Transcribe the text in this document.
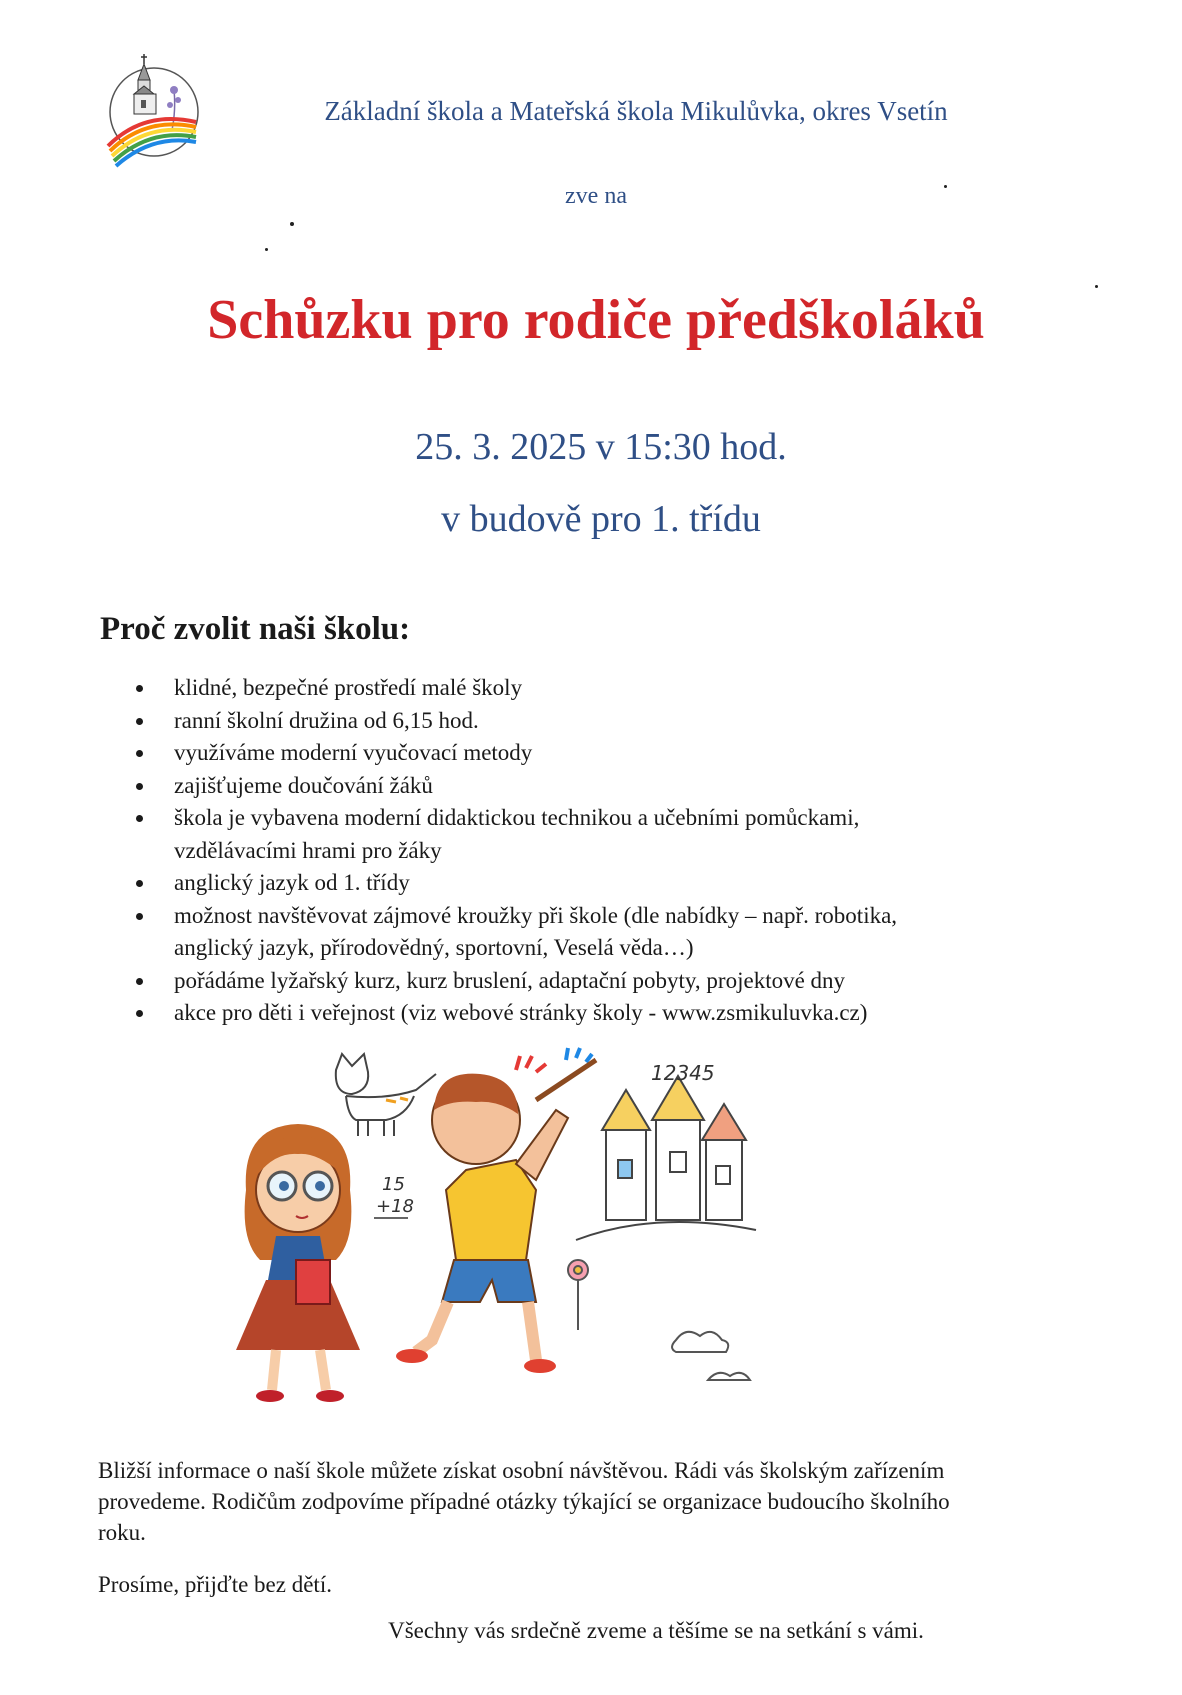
Základní škola a Mateřská škola Mikulůvka, okres Vsetín
zve na
Schůzku pro rodiče předškoláků
25. 3. 2025 v 15:30 hod.
v budově pro 1. třídu
Proč zvolit naši školu:
klidné, bezpečné prostředí malé školy
ranní školní družina od 6,15 hod.
využíváme moderní vyučovací metody
zajišťujeme doučování žáků
škola je vybavena moderní didaktickou technikou a učebními pomůckami,
vzdělávacími hrami pro žáky
anglický jazyk od 1. třídy
možnost navštěvovat zájmové kroužky při škole (dle nabídky – např. robotika,
anglický jazyk, přírodovědný, sportovní, Veselá věda…)
pořádáme lyžařský kurz, kurz bruslení, adaptační pobyty, projektové dny
akce pro děti i veřejnost (viz webové stránky školy - www.zsmikuluvka.cz)
12345
15
+18
Bližší informace o naší škole můžete získat osobní návštěvou. Rádi vás školským zařízením
provedeme. Rodičům zodpovíme případné otázky týkající se organizace budoucího školního
roku.
Prosíme, přijďte bez dětí.
Všechny vás srdečně zveme a těšíme se na setkání s vámi.
